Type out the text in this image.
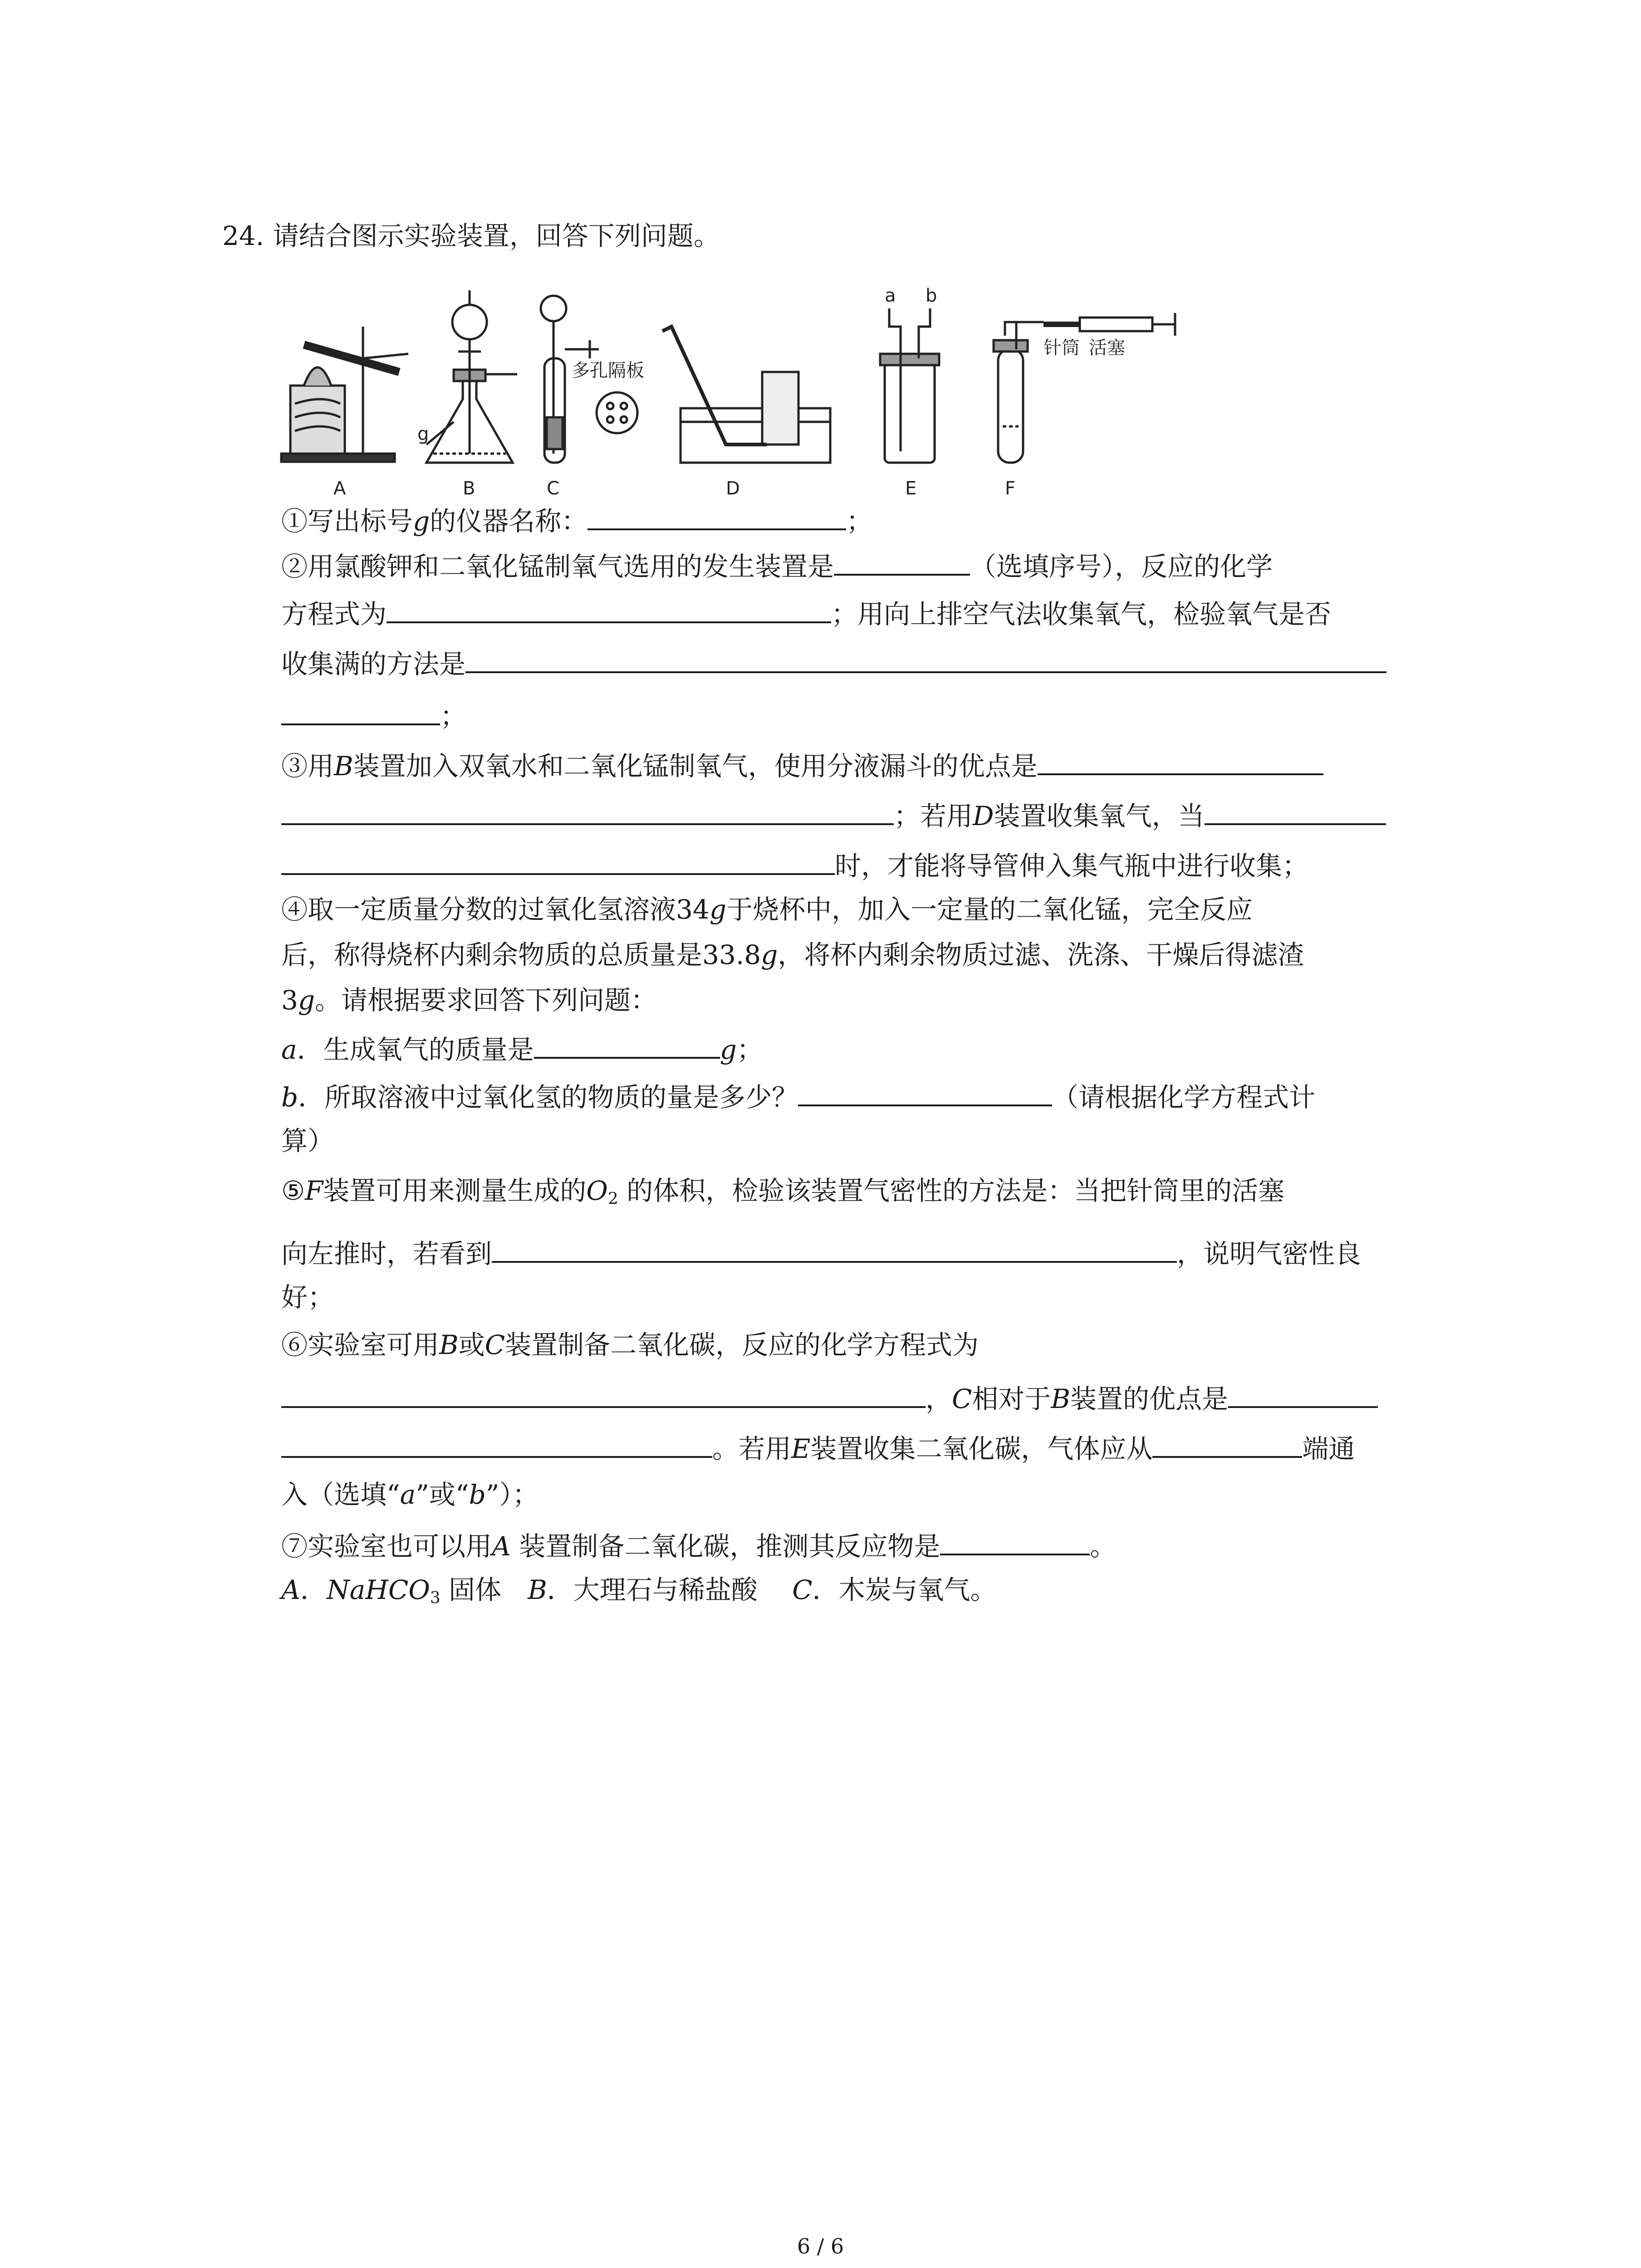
24. 请结合图示实验装置，回答下列问题。
A	B	C	D	E	F
g
多孔隔板
a b
针筒 活塞
①写出标号g的仪器名称：	；
②用氯酸钾和二氧化锰制氧气选用的发生装置是	（选填序号），反应的化学
方程式为	；用向上排空气法收集氧气，检验氧气是否
收集满的方法是
；
③用B装置加入双氧水和二氧化锰制氧气，使用分液漏斗的优点是
；若用D装置收集氧气，当
时，才能将导管伸入集气瓶中进行收集；
④取一定质量分数的过氧化氢溶液34g于烧杯中，加入一定量的二氧化锰，完全反应
后，称得烧杯内剩余物质的总质量是33.8g，将杯内剩余物质过滤、洗涤、干燥后得滤渣
3g。请根据要求回答下列问题：
a．生成氧气的质量是	g；
b．所取溶液中过氧化氢的物质的量是多少？	（请根据化学方程式计
算）
⑤F装置可用来测量生成的$O_2$ 的体积，检验该装置气密性的方法是：当把针筒里的活塞
向左推时，若看到	，说明气密性良
好；
⑥实验室可用B或C装置制备二氧化碳，反应的化学方程式为
，C相对于B装置的优点是
。若用E装置收集二氧化碳，气体应从	端通
入（选填“a”或“b”）；
⑦实验室也可以用A 装置制备二氧化碳，推测其反应物是	。
A．NaHCO$_3$ 固体　B．大理石与稀盐酸　 C．木炭与氧气。
6 / 6
